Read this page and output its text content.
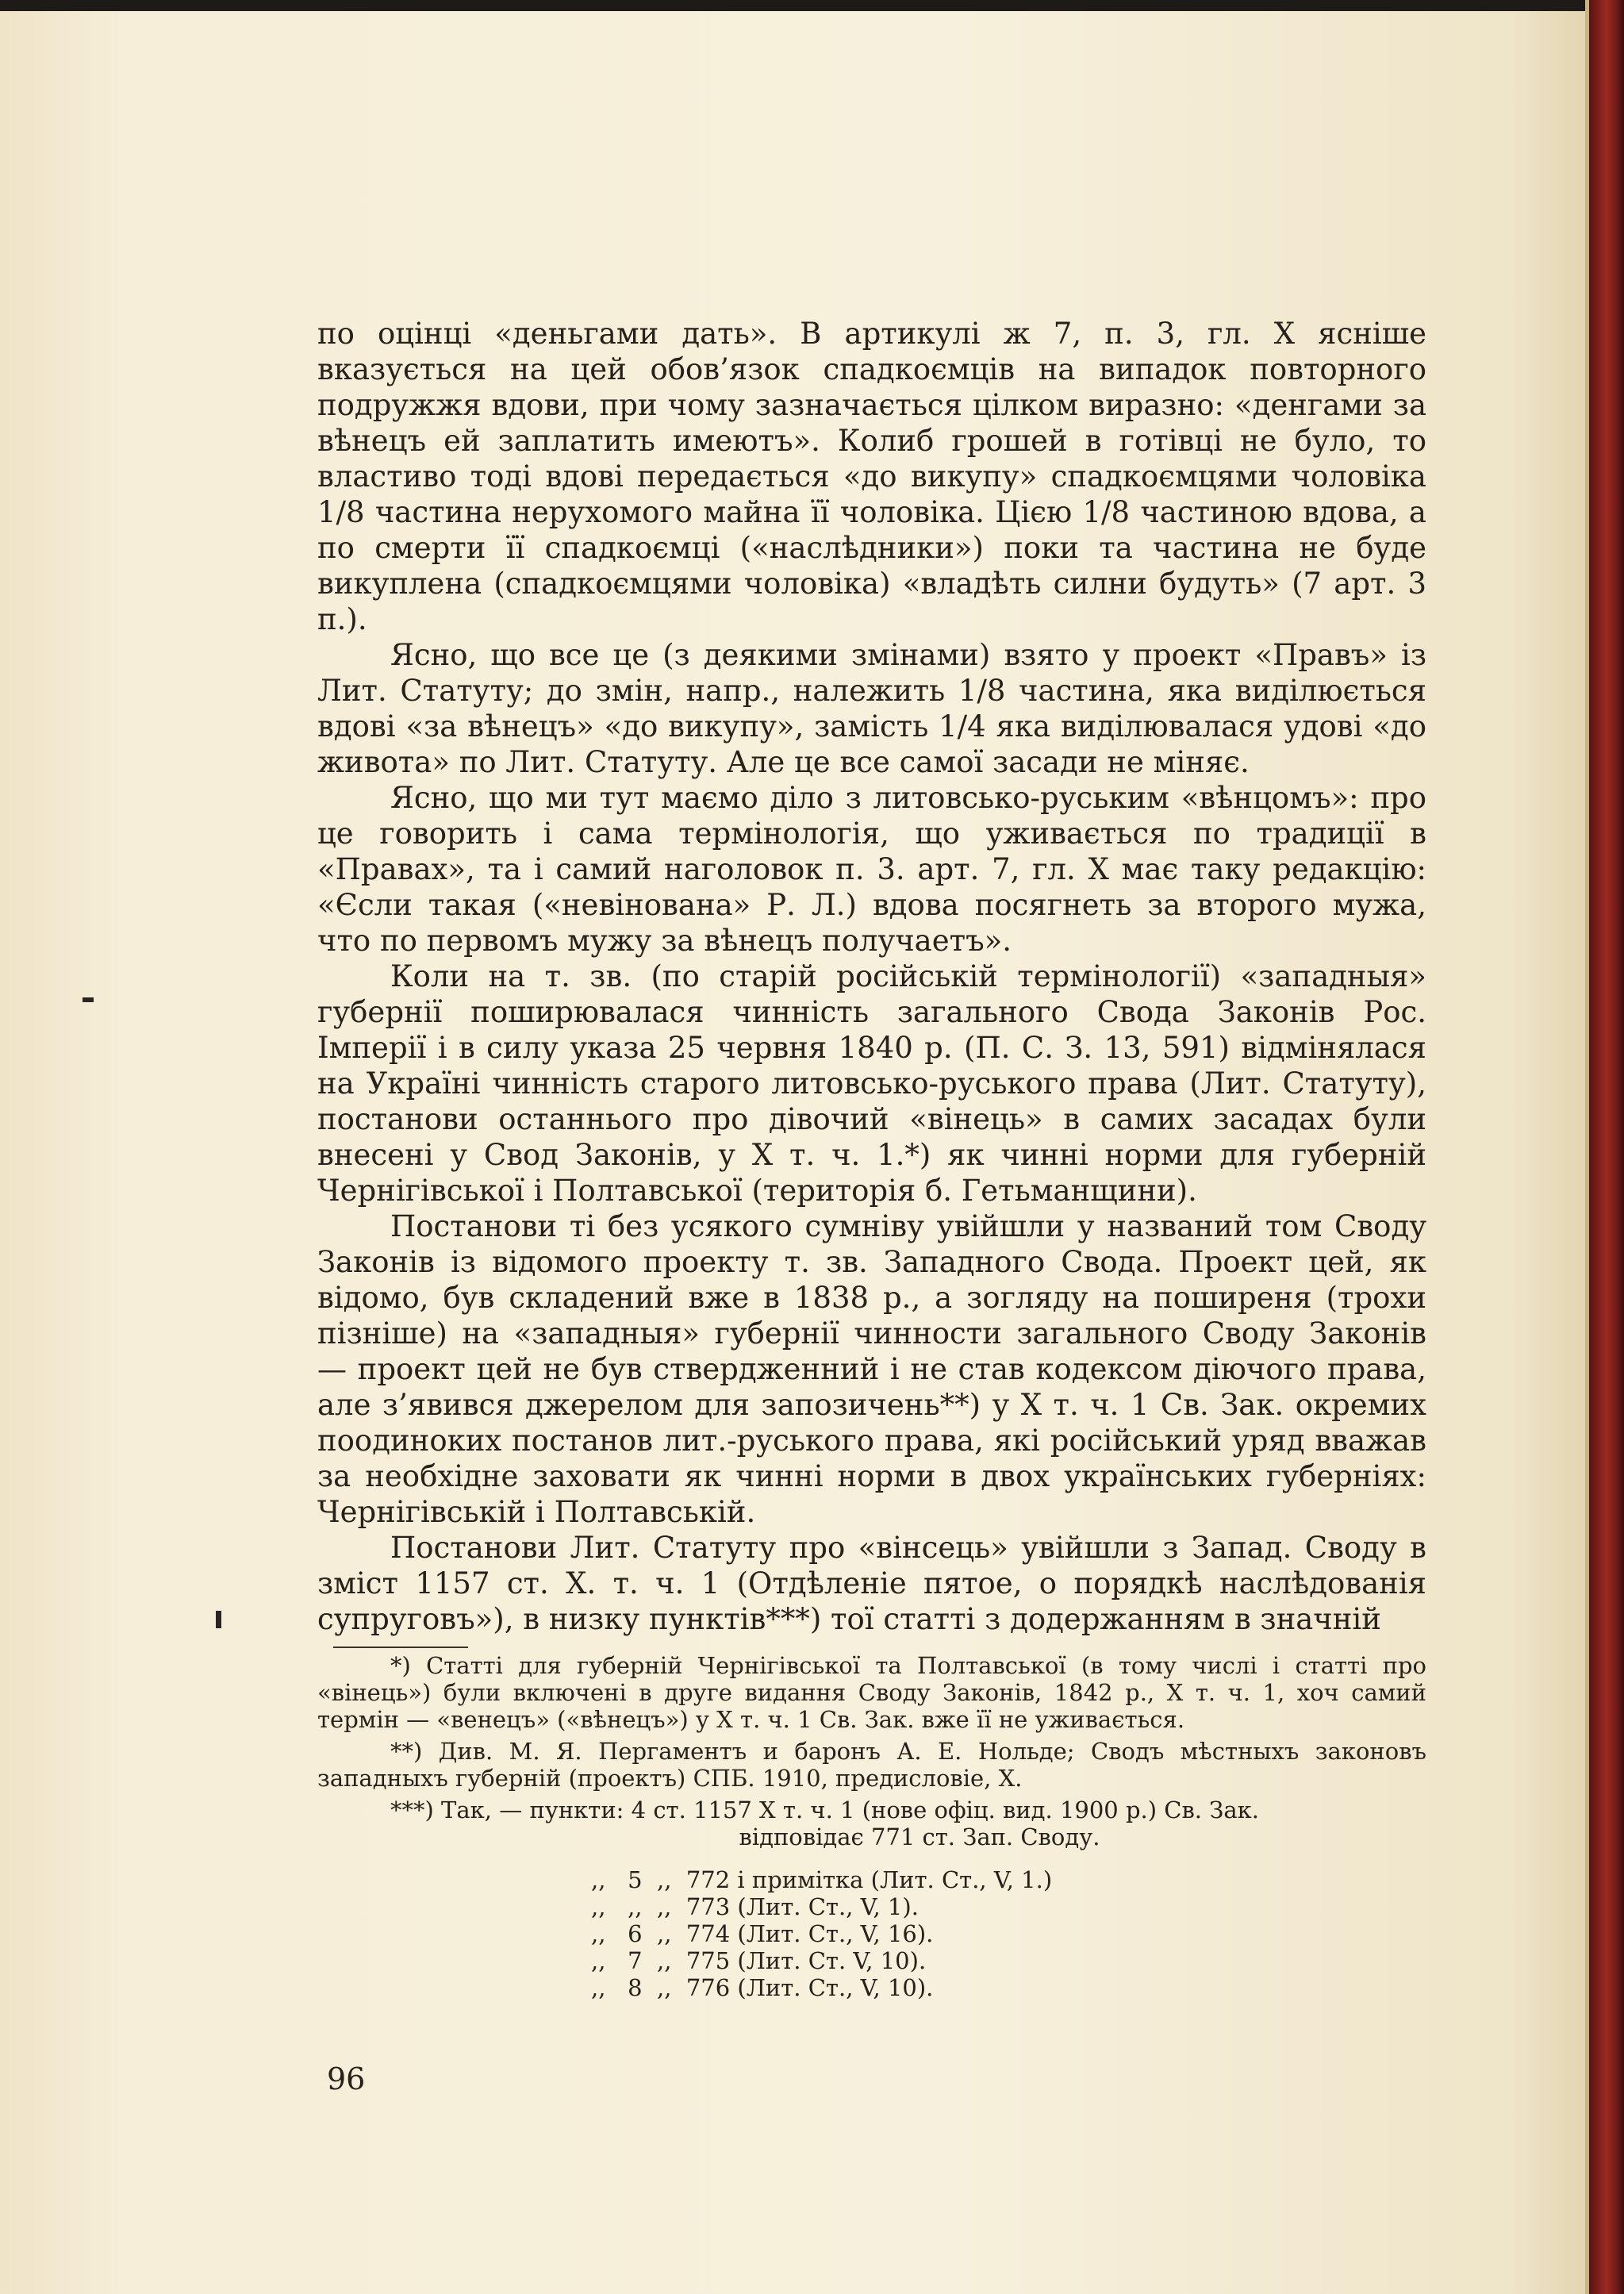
по оцінці «деньгами дать». В артикулі ж 7, п. 3, гл. X ясніше вказується на цей обов’язок спадкоємців на випадок повторного подружжя вдови, при чому зазначається цілком виразно: «денгами за вѣнецъ ей заплатить имеютъ». Колиб грошей в готівці не було, то властиво тоді вдові передається «до викупу» спадкоємцями чоловіка 1/8 частина нерухомого майна її чоловіка. Цією 1/8 частиною вдова, а по смерти її спадкоємці («наслѣдники») поки та частина не буде викуплена (спадкоємцями чоловіка) «владѣть силни будуть» (7 арт. 3 п.).

Ясно, що все це (з деякими змінами) взято у проект «Правъ» із Лит. Статуту; до змін, напр., належить 1/8 частина, яка виділюється вдові «за вѣнецъ» «до викупу», замість 1/4 яка виділювалася удові «до живота» по Лит. Статуту. Але це все самої засади не міняє.

Ясно, що ми тут маємо діло з литовсько-руським «вѣнцомъ»: про це говорить і сама термінологія, що уживається по традиції в «Правах», та і самий наголовок п. 3. арт. 7, гл. X має таку редакцію: «Єсли такая («невінована» Р. Л.) вдова посягнеть за второго мужа, что по первомъ мужу за вѣнецъ получаетъ».

Коли на т. зв. (по старій російській термінології) «западныя» губернії поширювалася чинність загального Свода Законів Рос. Імперії і в силу указа 25 червня 1840 р. (П. С. З. 13, 591) відмінялася на Україні чинність старого литовсько-руського права (Лит. Статуту), постанови останнього про дівочий «вінець» в самих засадах були внесені у Свод Законів, у X т. ч. 1.*) як чинні норми для губерній Чернігівської і Полтавської (територія б. Гетьманщини).

Постанови ті без усякого сумніву увійшли у названий том Своду Законів із відомого проекту т. зв. Западного Свода. Проект цей, як відомо, був складений вже в 1838 р., а зогляду на поширеня (трохи пізніше) на «западныя» губернії чинности загального Своду Законів — проект цей не був ствердженний і не став кодексом діючого права, але з’явився джерелом для запозичень**) у X т. ч. 1 Св. Зак. окремих поодиноких постанов лит.-руського права, які російський уряд вважав за необхідне заховати як чинні норми в двох українських губерніях: Чернігівській і Полтавській.

Постанови Лит. Статуту про «вінсець» увійшли з Запад. Своду в зміст 1157 ст. X. т. ч. 1 (Отдѣленіе пятое, о порядкѣ наслѣдованія супруговъ»), в низку пунктів***) тої статті з додержанням в значній

*) Статті для губерній Чернігівської та Полтавської (в тому числі і статті про «вінець») були включені в друге видання Своду Законів, 1842 р., X т. ч. 1, хоч самий термін — «венецъ» («вѣнецъ») у X т. ч. 1 Св. Зак. вже її не уживається.

**) Див. М. Я. Пергаментъ и баронъ А. Е. Нольде; Сводъ мѣстныхъ законовъ западныхъ губерній (проектъ) СПБ. 1910, предисловіе, X.

***) Так, — пункти: 4 ст. 1157 X т. ч. 1 (нове офіц. вид. 1900 р.) Св. Зак.

відповідає 771 ст. Зап. Своду.

,,   5  ,,  772 і примітка (Лит. Ст., V, 1.)
,,   ,,  ,,  773 (Лит. Ст., V, 1).
,,   6  ,,  774 (Лит. Ст., V, 16).
,,   7  ,,  775 (Лит. Ст. V, 10).
,,   8  ,,  776 (Лит. Ст., V, 10).
96
